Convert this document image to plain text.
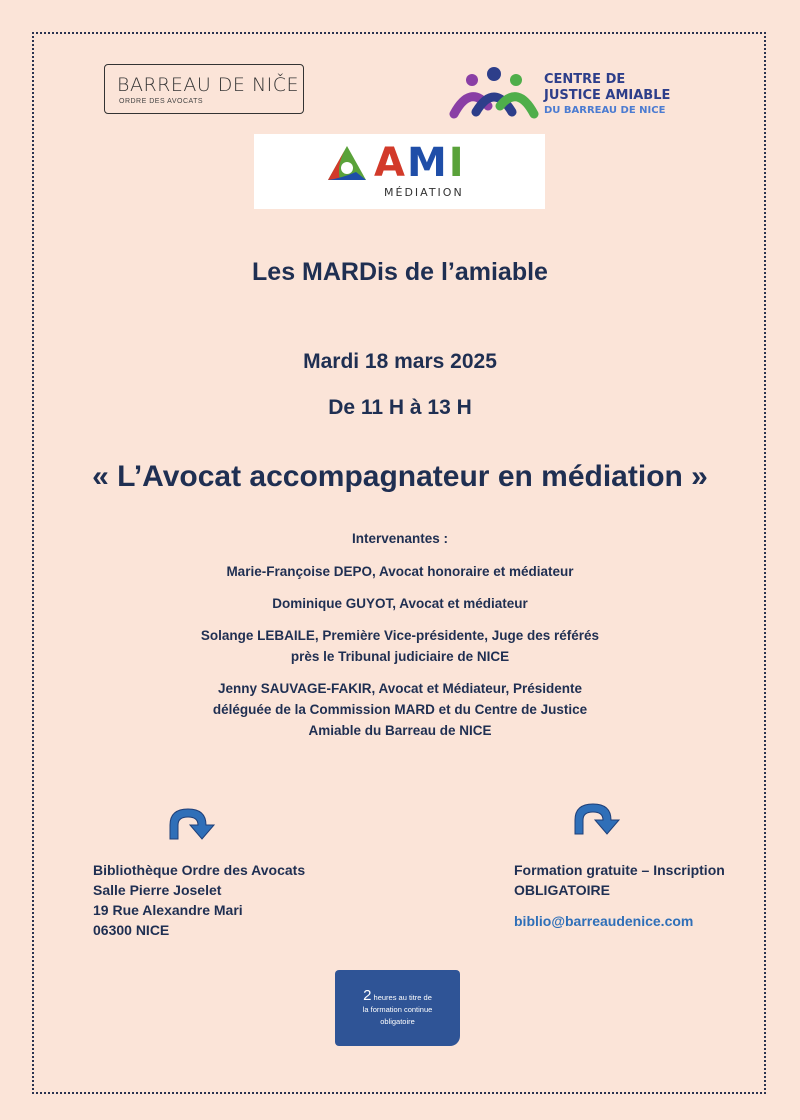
BARREAU DE NIČE
ORDRE DES AVOCATS
CENTRE DE
JUSTICE AMIABLE
DU BARREAU DE NICE
AMI
MÉDIATION
Les MARDis de l’amiable
Mardi 18 mars 2025
De 11 H à 13 H
« L’Avocat accompagnateur en médiation »
Intervenantes :
Marie-Françoise DEPO, Avocat honoraire et médiateur
Dominique GUYOT, Avocat et médiateur
Solange LEBAILE, Première Vice-présidente, Juge des référés
près le Tribunal judiciaire de NICE
Jenny SAUVAGE-FAKIR, Avocat et Médiateur, Présidente
déléguée de la Commission MARD et du Centre de Justice
Amiable du Barreau de NICE
Bibliothèque Ordre des Avocats
Salle Pierre Joselet
19 Rue Alexandre Mari
06300 NICE
Formation gratuite – Inscription
OBLIGATOIRE
biblio@barreaudenice.com
2 heures au titre de
la formation continue
obligatoire
